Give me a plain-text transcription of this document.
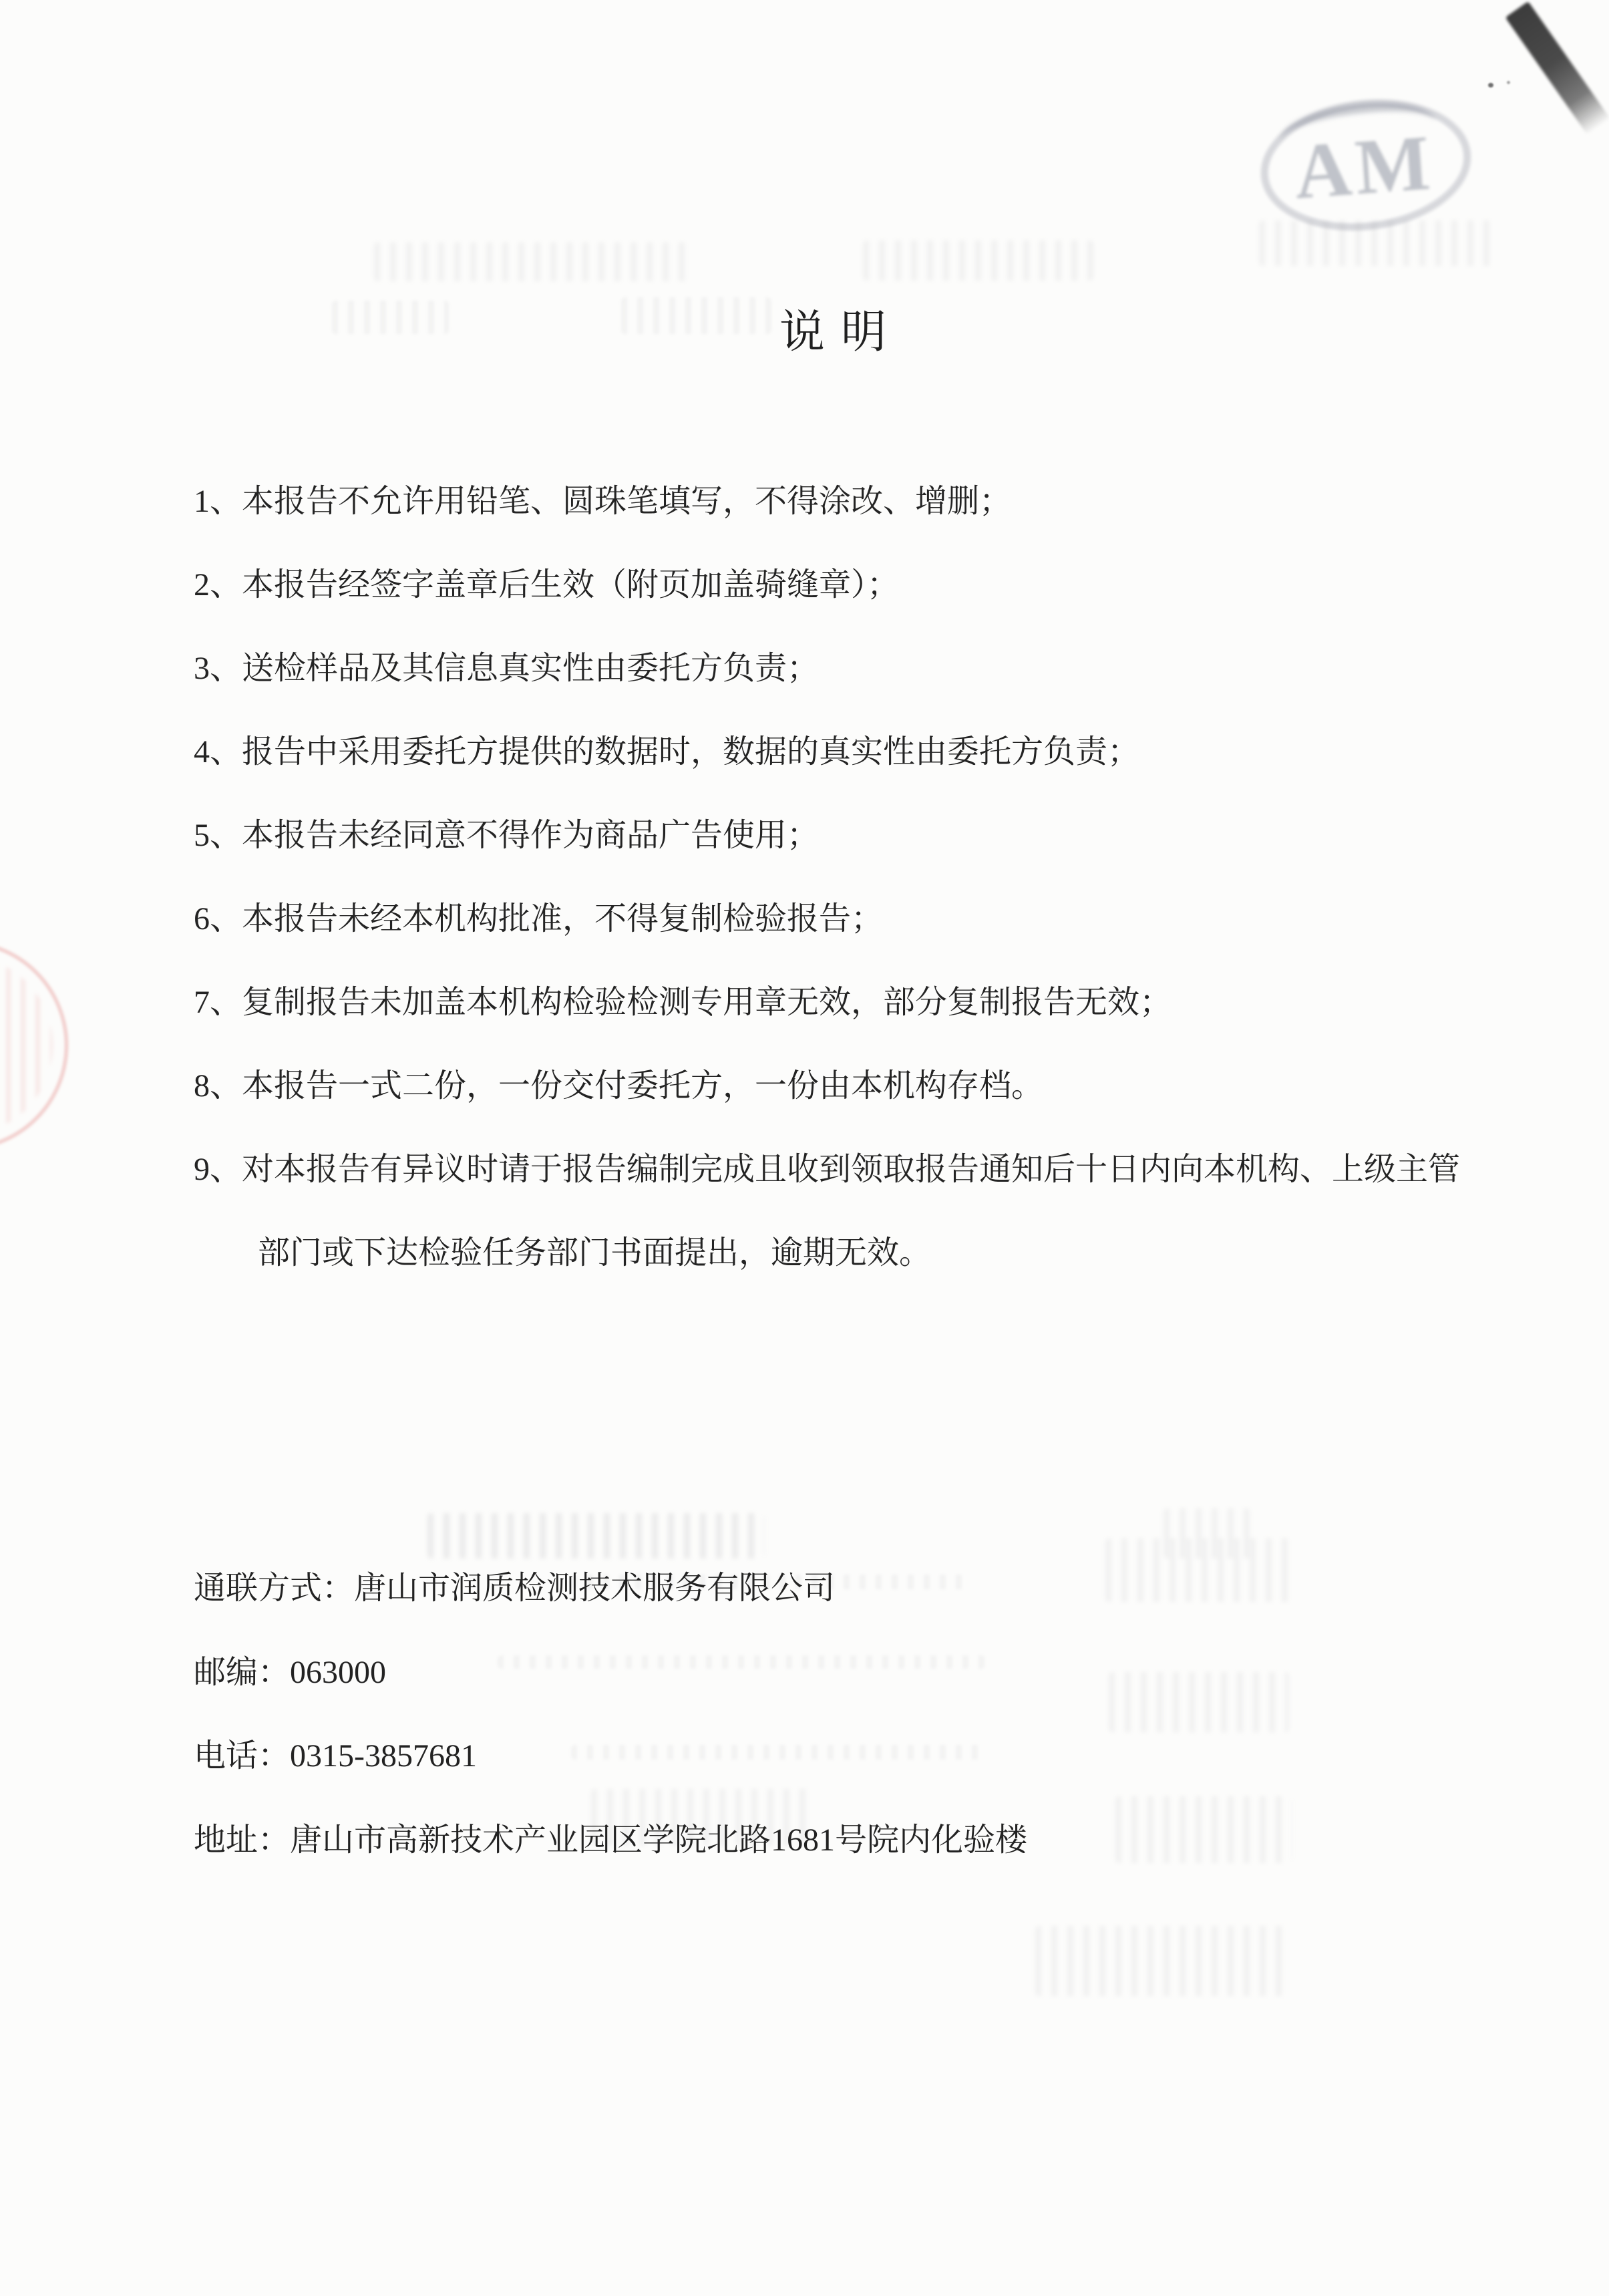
AM
说明
1、本报告不允许用铅笔、圆珠笔填写，不得涂改、增删；
2、本报告经签字盖章后生效（附页加盖骑缝章）；
3、送检样品及其信息真实性由委托方负责；
4、报告中采用委托方提供的数据时，数据的真实性由委托方负责；
5、本报告未经同意不得作为商品广告使用；
6、本报告未经本机构批准，不得复制检验报告；
7、复制报告未加盖本机构检验检测专用章无效，部分复制报告无效；
8、本报告一式二份，一份交付委托方，一份由本机构存档。
9、对本报告有异议时请于报告编制完成且收到领取报告通知后十日内向本机构、上级主管
部门或下达检验任务部门书面提出，逾期无效。
通联方式：唐山市润质检测技术服务有限公司
邮编：063000
电话：0315-3857681
地址：唐山市高新技术产业园区学院北路1681号院内化验楼
